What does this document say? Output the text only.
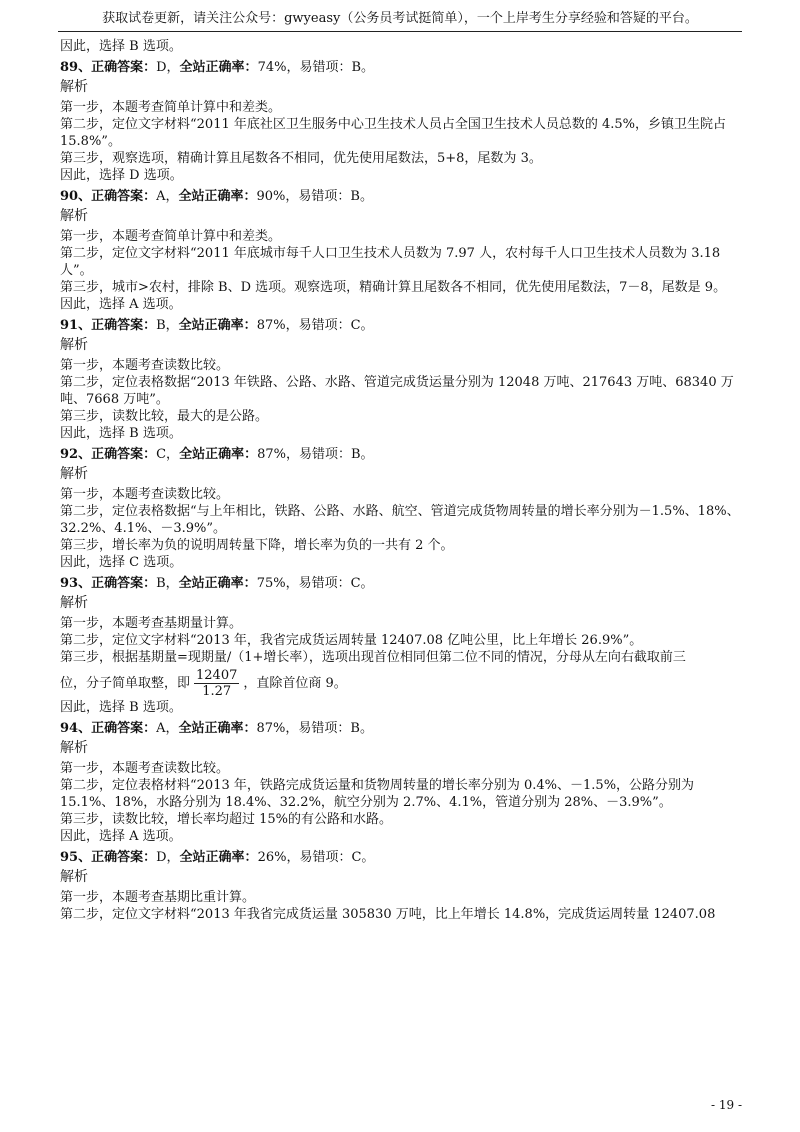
获取试卷更新，请关注公众号：gwyeasy（公务员考试挺简单），一个上岸考生分享经验和答疑的平台。

因此，选择 B 选项。

89、正确答案：D，全站正确率：74%，易错项：B。
解析

第一步，本题考查简单计算中和差类。

第二步，定位文字材料“2011 年底社区卫生服务中心卫生技术人员占全国卫生技术人员总数的 4.5%，乡镇卫生院占 15.8%”。

第三步，观察选项，精确计算且尾数各不相同，优先使用尾数法，5+8，尾数为 3。

因此，选择 D 选项。

90、正确答案：A，全站正确率：90%，易错项：B。
解析

第一步，本题考查简单计算中和差类。

第二步，定位文字材料“2011 年底城市每千人口卫生技术人员数为 7.97 人，农村每千人口卫生技术人员数为 3.18 人”。

第三步，城市>农村，排除 B、D 选项。观察选项，精确计算且尾数各不相同，优先使用尾数法，7－8，尾数是 9。

因此，选择 A 选项。

91、正确答案：B，全站正确率：87%，易错项：C。
解析

第一步，本题考查读数比较。

第二步，定位表格数据“2013 年铁路、公路、水路、管道完成货运量分别为 12048 万吨、217643 万吨、68340 万吨、7668 万吨”。

第三步，读数比较，最大的是公路。

因此，选择 B 选项。

92、正确答案：C，全站正确率：87%，易错项：B。
解析

第一步，本题考查读数比较。

第二步，定位表格数据“与上年相比，铁路、公路、水路、航空、管道完成货物周转量的增长率分别为－1.5%、18%、32.2%、4.1%、－3.9%”。

第三步，增长率为负的说明周转量下降，增长率为负的一共有 2 个。

因此，选择 C 选项。

93、正确答案：B，全站正确率：75%，易错项：C。
解析

第一步，本题考查基期量计算。

第二步，定位文字材料“2013 年，我省完成货运周转量 12407.08 亿吨公里，比上年增长 26.9%”。

第三步，根据基期量=现期量/（1+增长率），选项出现首位相同但第二位不同的情况，分母从左向右截取前三

位，分子简单取整，即 $\frac{12407}{1.27}$ ，直除首位商 9。

因此，选择 B 选项。

94、正确答案：A，全站正确率：87%，易错项：B。
解析

第一步，本题考查读数比较。

第二步，定位表格材料“2013 年，铁路完成货运量和货物周转量的增长率分别为 0.4%、－1.5%，公路分别为 15.1%、18%，水路分别为 18.4%、32.2%，航空分别为 2.7%、4.1%，管道分别为 28%、－3.9%”。

第三步，读数比较，增长率均超过 15%的有公路和水路。

因此，选择 A 选项。

95、正确答案：D，全站正确率：26%，易错项：C。
解析

第一步，本题考查基期比重计算。

第二步，定位文字材料“2013 年我省完成货运量 305830 万吨，比上年增长 14.8%，完成货运周转量 12407.08

- 19 -
